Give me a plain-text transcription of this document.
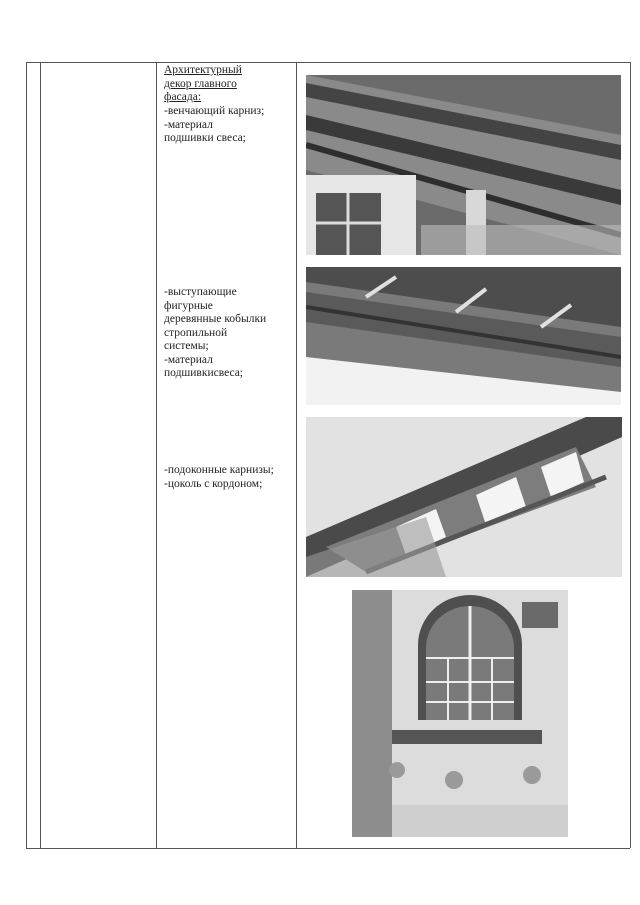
Архитектурный

декор главного

фасада:

-венчающий карниз;

-материал

подшивки свеса;

-выступающие

фигурные

деревянные кобылки

стропильной

системы;

-материал

подшивкисвеса;

-подоконные карнизы;

-цоколь с кордоном;
